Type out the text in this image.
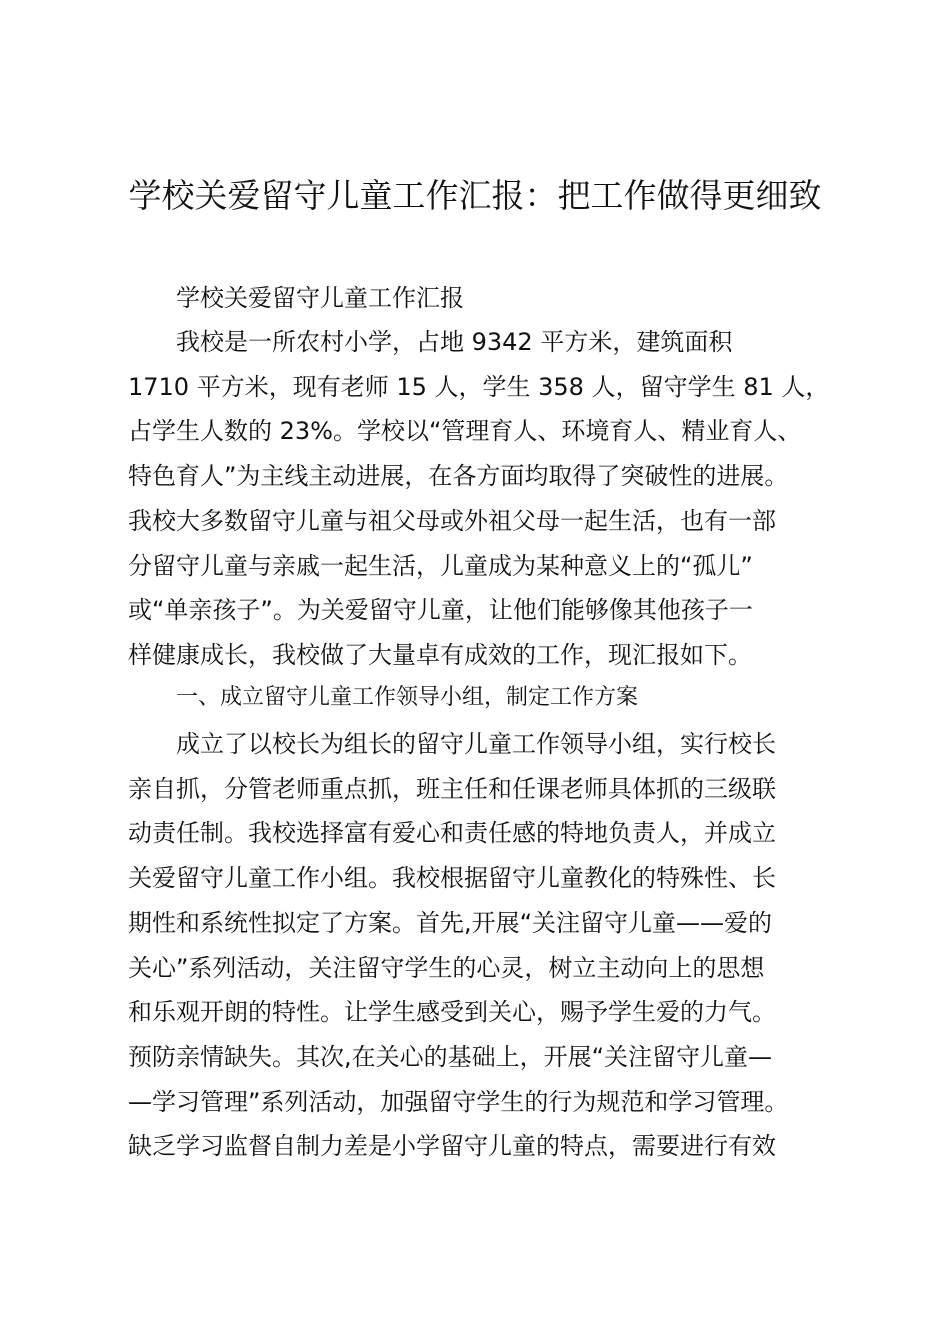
学校关爱留守儿童工作汇报：把工作做得更细致

学校关爱留守儿童工作汇报

我校是一所农村小学，占地 9342 平方米，建筑面积
1710 平方米，现有老师 15 人，学生 358 人，留守学生 81 人，
占学生人数的 23%。学校以“管理育人、环境育人、精业育人、
特色育人”为主线主动进展，在各方面均取得了突破性的进展。
我校大多数留守儿童与祖父母或外祖父母一起生活，也有一部
分留守儿童与亲戚一起生活，儿童成为某种意义上的“孤儿”
或“单亲孩子”。为关爱留守儿童，让他们能够像其他孩子一
样健康成长，我校做了大量卓有成效的工作，现汇报如下。

一、成立留守儿童工作领导小组，制定工作方案

成立了以校长为组长的留守儿童工作领导小组，实行校长
亲自抓，分管老师重点抓，班主任和任课老师具体抓的三级联
动责任制。我校选择富有爱心和责任感的特地负责人，并成立
关爱留守儿童工作小组。我校根据留守儿童教化的特殊性、长
期性和系统性拟定了方案。首先,开展“关注留守儿童——爱的
关心”系列活动，关注留守学生的心灵，树立主动向上的思想
和乐观开朗的特性。让学生感受到关心，赐予学生爱的力气。
预防亲情缺失。其次,在关心的基础上，开展“关注留守儿童—
—学习管理”系列活动，加强留守学生的行为规范和学习管理。
缺乏学习监督自制力差是小学留守儿童的特点，需要进行有效
